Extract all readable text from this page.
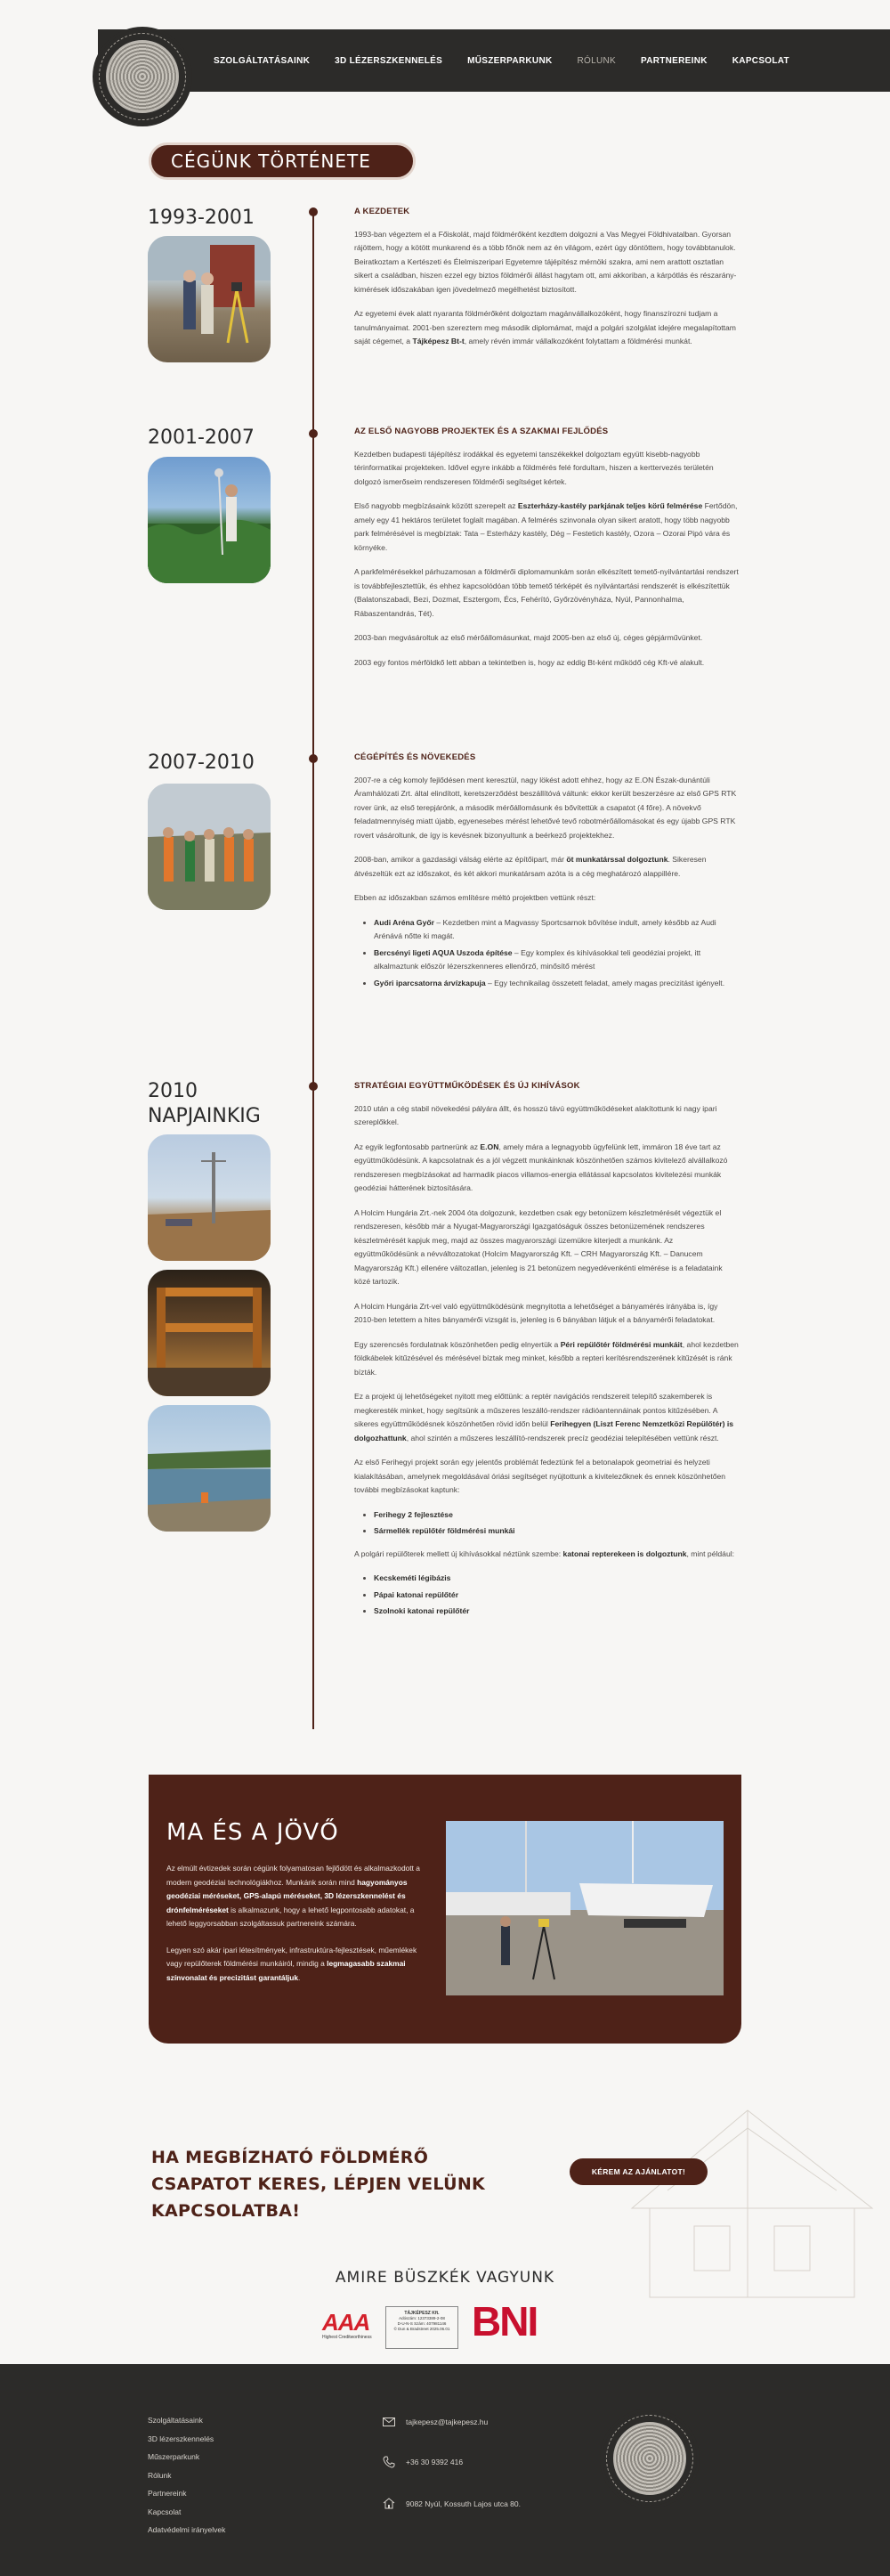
SZOLGÁLTATÁSAINK	3D LÉZERSZKENNELÉS	MŰSZERPARKUNK	RÓLUNK	PARTNEREINK	KAPCSOLAT
CÉGÜNK TÖRTÉNETE
1993-2001	A KEZDETEK

1993-ban végeztem el a Főiskolát, majd földmérőként kezdtem dolgozni a Vas Megyei Földhivatalban. Gyorsan rájöttem, hogy a kötött munkarend és a több főnök nem az én világom, ezért úgy döntöttem, hogy továbbtanulok. Beiratkoztam a Kertészeti és Élelmiszeripari Egyetemre tájépítész mérnöki szakra, ami nem arattott osztatlan sikert a családban, hiszen ezzel egy biztos földmérői állást hagytam ott, ami akkoriban, a kárpótlás és részarány-kimérések időszakában igen jövedelmező megélhetést biztosított.

Az egyetemi évek alatt nyaranta földmérőként dolgoztam magánvállalkozóként, hogy finanszírozni tudjam a tanulmányaimat. 2001-ben szereztem meg második diplomámat, majd a polgári szolgálat idejére megalapítottam saját cégemet, a Tájképesz Bt-t, amely révén immár vállalkozóként folytattam a földmérési munkát.

2001-2007	AZ ELSŐ NAGYOBB PROJEKTEK ÉS A SZAKMAI FEJLŐDÉS

Kezdetben budapesti tájépítész irodákkal és egyetemi tanszékekkel dolgoztam együtt kisebb-nagyobb térinformatikai projekteken. Idővel egyre inkább a földmérés felé fordultam, hiszen a kerttervezés területén dolgozó ismerőseim rendszeresen földmérői segítséget kértek.

Első nagyobb megbízásaink között szerepelt az Eszterházy-kastély parkjának teljes körű felmérése Fertődön, amely egy 41 hektáros területet foglalt magában. A felmérés szinvonala olyan sikert aratott, hogy több nagyobb park felmérésével is megbíztak: Tata – Esterházy kastély, Dég – Festetich kastély, Ozora – Ozorai Pipó vára és környéke.

A parkfelmérésekkel párhuzamosan a földmérői diplomamunkám során elkészített temető-nyilvántartási rendszert is továbbfejlesztettük, és ehhez kapcsolódóan több temető térképét és nyilvántartási rendszerét is elkészítettük (Balatonszabadi, Bezi, Dozmat, Esztergom, Écs, Fehérító, Győrzövényháza, Nyúl, Pannonhalma, Rábaszentandrás, Tét).

2003-ban megvásároltuk az első mérőállomásunkat, majd 2005-ben az első új, céges gépjárművünket.

2003 egy fontos mérföldkő lett abban a tekintetben is, hogy az eddig Bt-ként működő cég Kft-vé alakult.

2007-2010	CÉGÉPÍTÉS ÉS NÖVEKEDÉS

2007-re a cég komoly fejlődésen ment keresztül, nagy lökést adott ehhez, hogy az E.ON Észak-dunántúli Áramhálózati Zrt. által elindított, keretszerződést beszállítóvá váltunk: ekkor került beszerzésre az első GPS RTK rover ünk, az első terepjárónk, a második mérőállomásunk és bővítettük a csapatot (4 főre). A növekvő feladatmennyiség miatt újabb, egyenesebes mérést lehetővé tevő robotmérőállomásokat és egy újabb GPS RTK rovert vásároltunk, de így is kevésnek bizonyultunk a beérkező projektekhez.

2008-ban, amikor a gazdasági válság elérte az építőipart, már öt munkatárssal dolgoztunk. Sikeresen átvészeltük ezt az időszakot, és két akkori munkatársam azóta is a cég meghatározó alappillére.

Ebben az időszakban számos említésre méltó projektben vettünk részt:

• Audi Aréna Győr – Kezdetben mint a Magvassy Sportcsarnok bővítése indult, amely később az Audi Arénává nőtte ki magát.
• Bercsényi ligeti AQUA Uszoda építése – Egy komplex és kihívásokkal teli geodéziai projekt, itt alkalmaztunk először lézerszkenneres ellenőrző, minősítő mérést
• Győri iparcsatorna árvízkapuja – Egy technikailag összetett feladat, amely magas precizitást igényelt.
2010 NAPJAINKIG
STRATÉGIAI EGYÜTTMŰKÖDÉSEK ÉS ÚJ KIHÍVÁSOK

2010 után a cég stabil növekedési pályára állt, és hosszú távú együttműködéseket alakítottunk ki nagy ipari szereplőkkel.

Az egyik legfontosabb partnerünk az E.ON, amely mára a legnagyobb ügyfelünk lett, immáron 18 éve tart az együttműködésünk. A kapcsolatnak és a jól végzett munkáinknak köszönhetően számos kivitelező alvállalkozó rendszeresen megbízásokat ad harmadik piacos villamos-energia ellátással kapcsolatos kivitelezési munkák geodéziai hátterének biztosítására.

A Holcim Hungária Zrt.-nek 2004 óta dolgozunk, kezdetben csak egy betonüzem készletmérését végeztük el rendszeresen, később már a Nyugat-Magyarországi Igazgatóságuk összes betonüzemének rendszeres készletmérését kapjuk meg, majd az összes magyarországi üzemükre kiterjedt a munkánk. Az együttműködésünk a névváltozatokat (Holcim Magyarország Kft. – CRH Magyarország Kft. – Danucem Magyarország Kft.) ellenére változatlan, jelenleg is 21 betonüzem negyedévenkénti elmérése is a feladataink közé tartozik.

A Holcim Hungária Zrt-vel való együttműködésünk megnyitotta a lehetőséget a bányamérés irányába is, így 2010-ben letettem a hites bányamérői vizsgát is, jelenleg is 6 bányában látjuk el a bányamérői feladatokat.

Egy szerencsés fordulatnak köszönhetően pedig elnyertük a Péri repülőtér földmérési munkáit, ahol kezdetben földkábelek kitűzésével és mérésével bíztak meg minket, később a repteri kerítésrendszerének kitűzését is ránk bízták.

Ez a projekt új lehetőségeket nyitott meg előttünk: a reptér navigációs rendszereit telepítő szakemberek is megkeresték minket, hogy segítsünk a műszeres leszálló-rendszer rádióantennáinak pontos kitűzésében. A sikeres együttműködésnek köszönhetően rövid időn belül Ferihegyen (Liszt Ferenc Nemzetközi Repülőtér) is dolgozhattunk, ahol szintén a műszeres leszállító-rendszerek precíz geodéziai telepítésében vettünk részt.

Az első Ferihegyi projekt során egy jelentős problémát fedeztünk fel a betonalapok geometriai és helyzeti kialakításában, amelynek megoldásával óriási segítséget nyújtottunk a kivitelezőknek és ennek köszönhetően további megbízásokat kaptunk:

• Ferihegy 2 fejlesztése
• Sármellék repülőtér földmérési munkái

A polgári repülőterek mellett új kihívásokkal néztünk szembe: katonai repterekeen is dolgoztunk, mint például:

• Kecskeméti légibázis
• Pápai katonai repülőtér
• Szolnoki katonai repülőtér
MA ÉS A JÖVŐ

Az elmúlt évtizedek során cégünk folyamatosan fejlődött és alkalmazkodott a modern geodéziai technológiákhoz. Munkánk során mind hagyományos geodéziai méréseket, GPS-alapú méréseket, 3D lézerszkennelést és drónfelméréseket is alkalmazunk, hogy a lehető legpontosabb adatokat, a lehető leggyorsabban szolgáltassuk partnereink számára.

Legyen szó akár ipari létesítmények, infrastruktúra-fejlesztések, műemlékek vagy repülőterek földmérési munkáiról, mindig a legmagasabb szakmai színvonalat és precizitást garantáljuk.

HA MEGBÍZHATÓ FÖLDMÉRŐ CSAPATOT KERES, LÉPJEN VELÜNK KAPCSOLATBA!
KÉREM AZ AJÁNLATOT!
AMIRE BÜSZKÉK VAGYUNK
AAA
Highest Creditworthiness
TÁJKÉPESZ Kft.
Adószám: 12373389-2-08
D-U-N-S Szám: 407981146
© Dun & Bradstreet 2025.06.01 BNI
Szolgáltatásaink
3D lézerszkennelés
Műszerparkunk
Rólunk
Partnereink
Kapcsolat
Adatvédelmi irányelvek
tajkepesz@tajkepesz.hu
+36 30 9392 416
9082 Nyúl, Kossuth Lajos utca 80.
